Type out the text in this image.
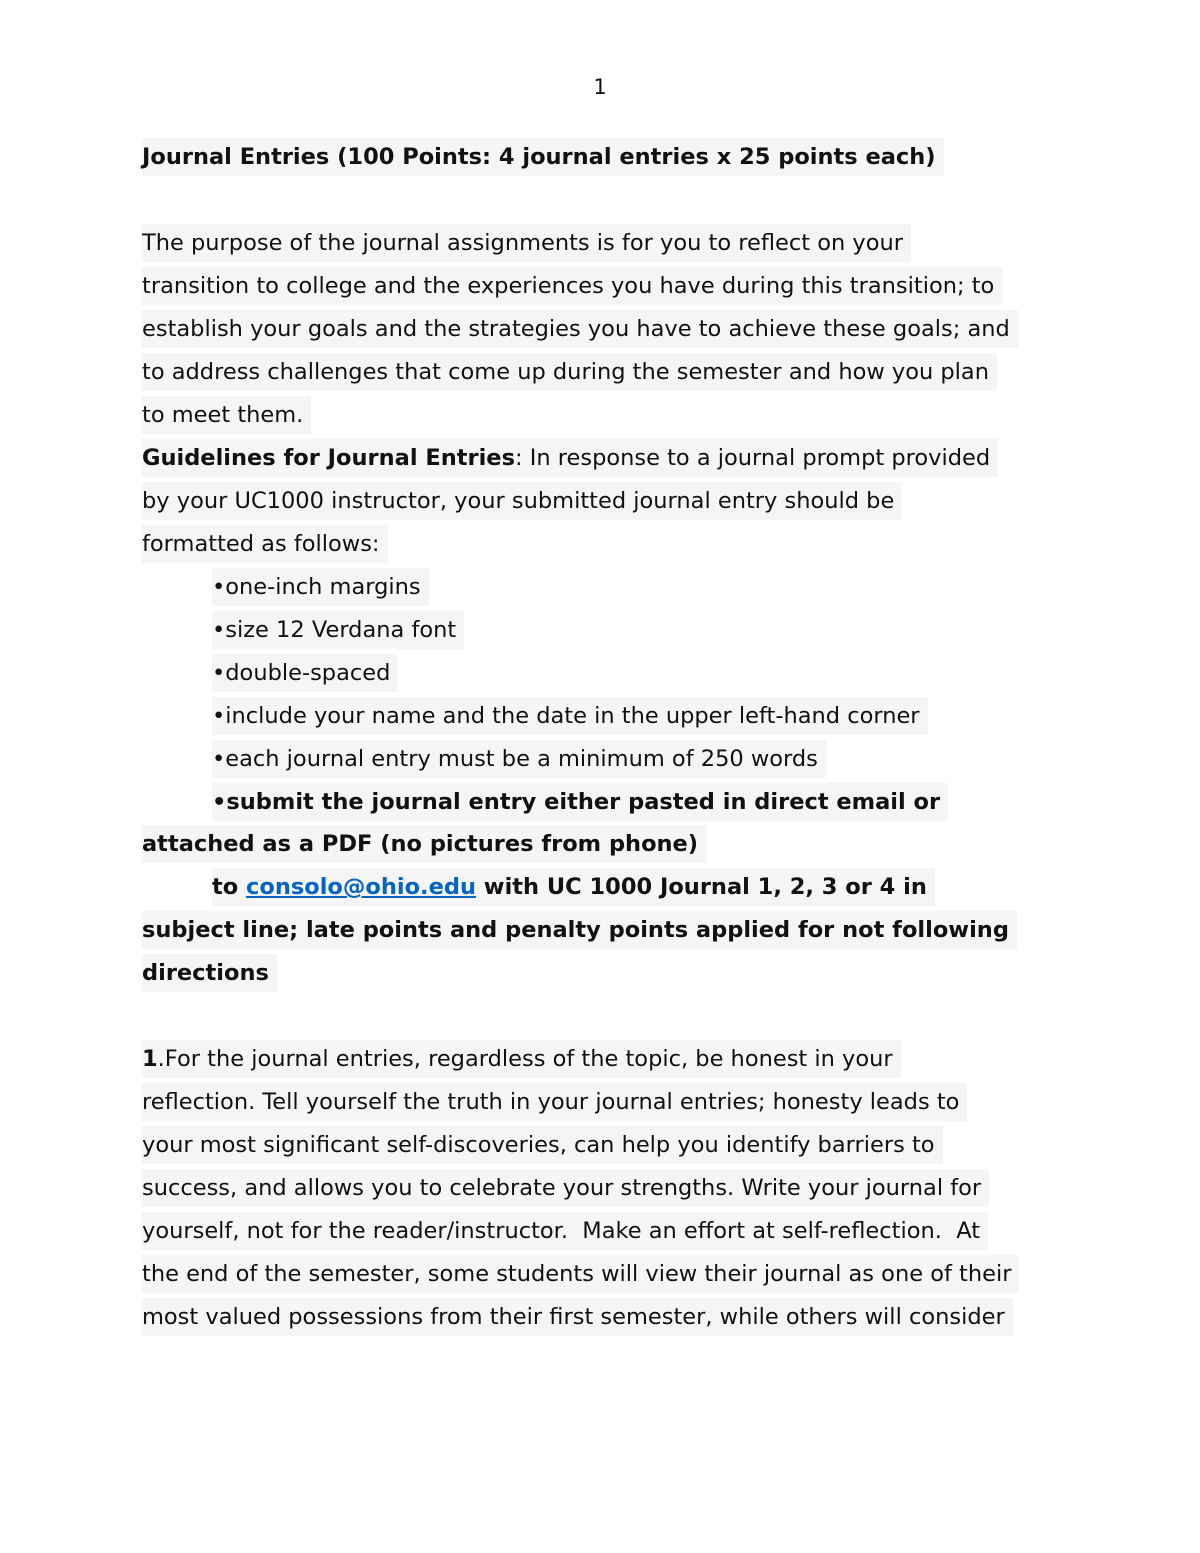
1
Journal Entries (100 Points: 4 journal entries x 25 points each)
The purpose of the journal assignments is for you to reflect on your
transition to college and the experiences you have during this transition; to
establish your goals and the strategies you have to achieve these goals; and
to address challenges that come up during the semester and how you plan
to meet them.
Guidelines for Journal Entries: In response to a journal prompt provided
by your UC1000 instructor, your submitted journal entry should be
formatted as follows:
•one-inch margins
•size 12 Verdana font
•double-spaced
•include your name and the date in the upper left-hand corner
•each journal entry must be a minimum of 250 words
•submit the journal entry either pasted in direct email or
attached as a PDF (no pictures from phone)
to consolo@ohio.edu with UC 1000 Journal 1, 2, 3 or 4 in
subject line; late points and penalty points applied for not following
directions
1.For the journal entries, regardless of the topic, be honest in your
reflection. Tell yourself the truth in your journal entries; honesty leads to
your most significant self-discoveries, can help you identify barriers to
success, and allows you to celebrate your strengths. Write your journal for
yourself, not for the reader/instructor.  Make an effort at self-reflection.  At
the end of the semester, some students will view their journal as one of their
most valued possessions from their first semester, while others will consider
